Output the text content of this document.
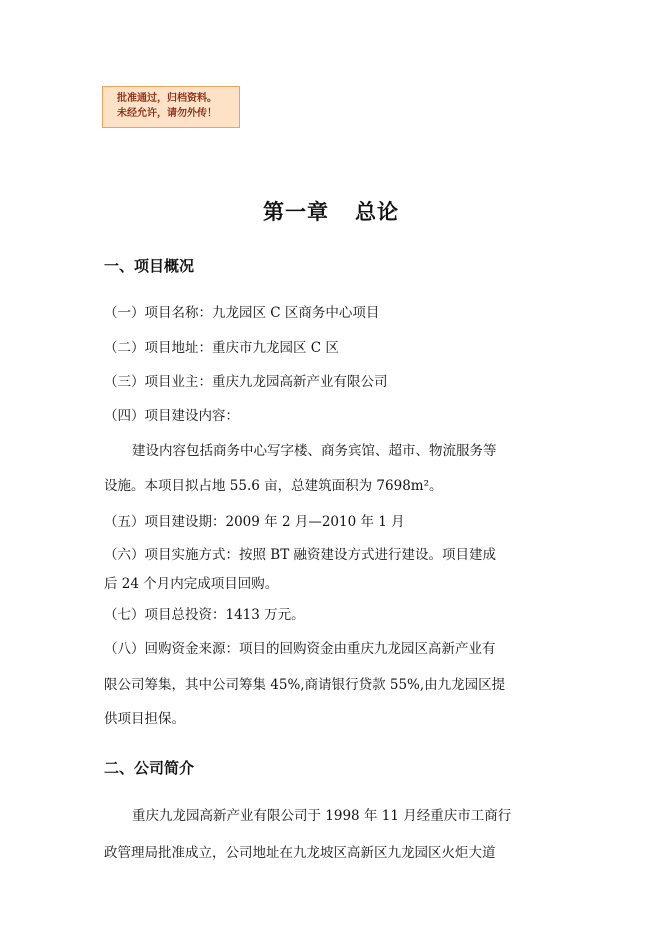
批准通过，归档资料。
未经允许，请勿外传！
第一章 总论
一、项目概况
（一）项目名称：九龙园区 C 区商务中心项目
（二）项目地址：重庆市九龙园区 C 区
（三）项目业主：重庆九龙园高新产业有限公司
（四）项目建设内容：
建设内容包括商务中心写字楼、商务宾馆、超市、物流服务等
设施。本项目拟占地 55.6 亩，总建筑面积为 7698m²。
（五）项目建设期：2009 年 2 月—2010 年 1 月
（六）项目实施方式：按照 BT 融资建设方式进行建设。项目建成
后 24 个月内完成项目回购。
（七）项目总投资：1413 万元。
（八）回购资金来源：项目的回购资金由重庆九龙园区高新产业有
限公司筹集，其中公司筹集 45%,商请银行贷款 55%,由九龙园区提
供项目担保。
二、公司简介
重庆九龙园高新产业有限公司于 1998 年 11 月经重庆市工商行
政管理局批准成立，公司地址在九龙坡区高新区九龙园区火炬大道
